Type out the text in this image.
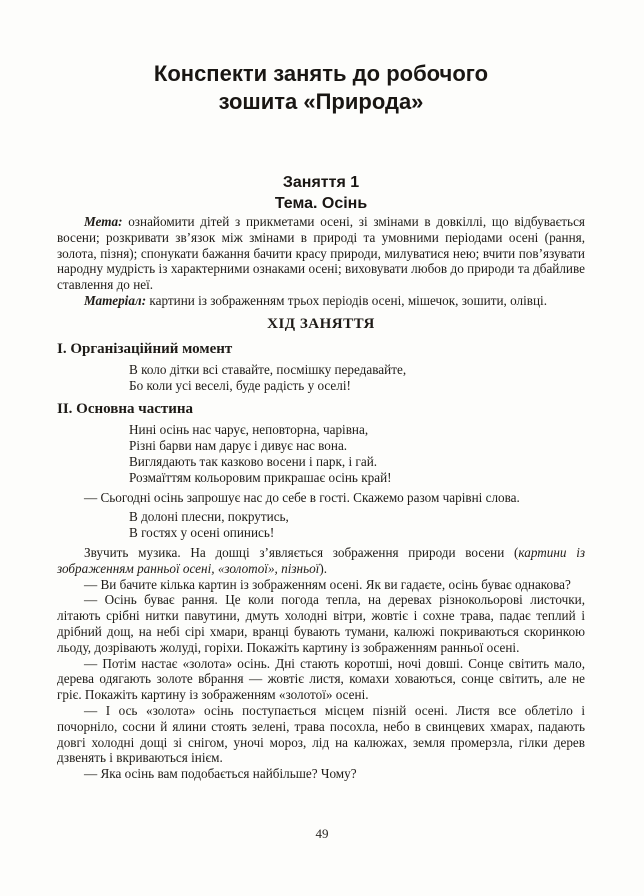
Конспекти занять до робочого
зошита «Природа»
Заняття 1
Тема. Осінь

Мета: ознайомити дітей з прикметами осені, зі змінами в довкіллі, що відбувається восени; розкривати зв’язок між змінами в природі та умовними періодами осені (рання, золота, пізня); спонукати бажання бачити красу природи, милуватися нею; вчити пов’язувати народну мудрість із характерними ознаками осені; виховувати любов до природи та дбайливе ставлення до неї.

Матеріал: картини із зображенням трьох періодів осені, мішечок, зошити, олівці.

ХІД ЗАНЯТТЯ
І. Організаційний момент
В коло дітки всі ставайте, посмішку передавайте,
Бо коли усі веселі, буде радість у оселі!
ІІ. Основна частина
Нині осінь нас чарує, неповторна, чарівна,
Різні барви нам дарує і дивує нас вона.
Виглядають так казково восени і парк, і гай.
Розмаїттям кольоровим прикрашає осінь край!

— Сьогодні осінь запрошує нас до себе в гості. Скажемо разом чарівні слова.

В долоні плесни, покрутись,
В гостях у осені опинись!

Звучить музика. На дошці з’являється зображення природи восени (картини із зображенням ранньої осені, «золотої», пізньої).

— Ви бачите кілька картин із зображенням осені. Як ви гадаєте, осінь буває однакова?

— Осінь буває рання. Це коли погода тепла, на деревах різнокольорові листочки, літають срібні нитки павутини, дмуть холодні вітри, жовтіє і сохне трава, падає теплий і дрібний дощ, на небі сірі хмари, вранці бувають тумани, калюжі покриваються скоринкою льоду, дозрівають жолуді, горіхи. Покажіть картину із зображенням ранньої осені.

— Потім настає «золота» осінь. Дні стають коротші, ночі довші. Сонце світить мало, дерева одягають золоте вбрання — жовтіє листя, комахи ховаються, сонце світить, але не гріє. Покажіть картину із зображенням «золотої» осені.

— І ось «золота» осінь поступається місцем пізній осені. Листя все облетіло і почорніло, сосни й ялини стоять зелені, трава посохла, небо в свинцевих хмарах, падають довгі холодні дощі зі снігом, уночі мороз, лід на калюжах, земля промерзла, гілки дерев дзвенять і вкриваються інієм.

— Яка осінь вам подобається найбільше? Чому?

49
